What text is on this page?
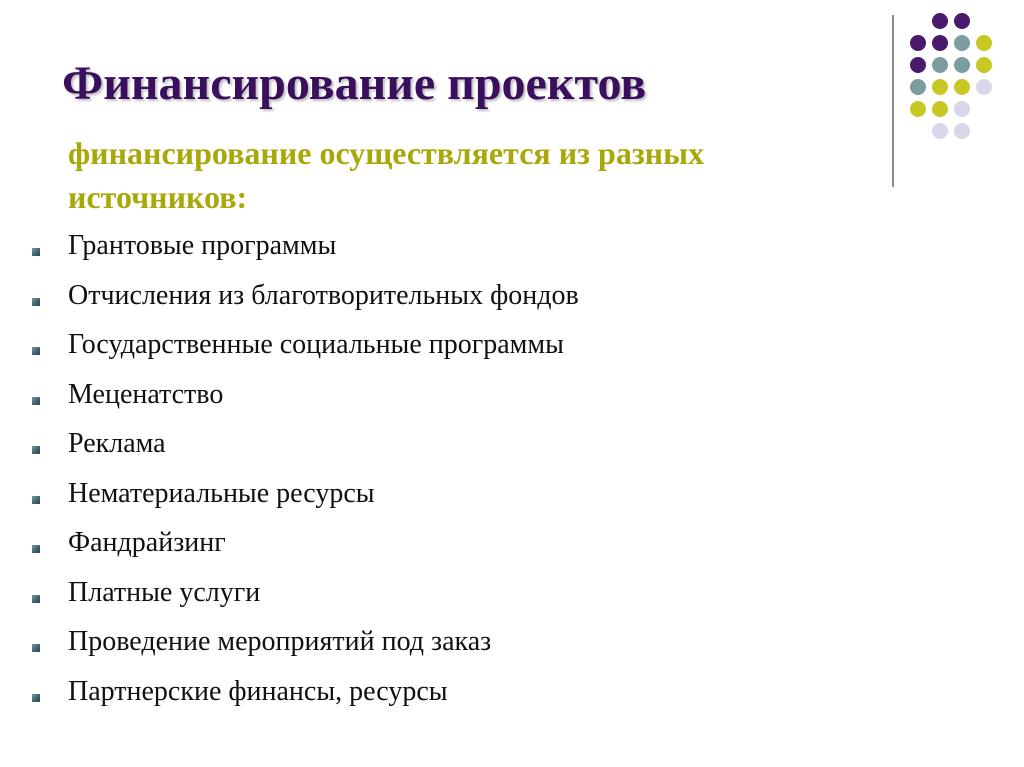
Финансирование проектов
финансирование осуществляется из разных источников:
Грантовые программы
Отчисления из благотворительных фондов
Государственные социальные программы
Меценатство
Реклама
Нематериальные ресурсы
Фандрайзинг
Платные услуги
Проведение мероприятий под заказ
Партнерские финансы, ресурсы
